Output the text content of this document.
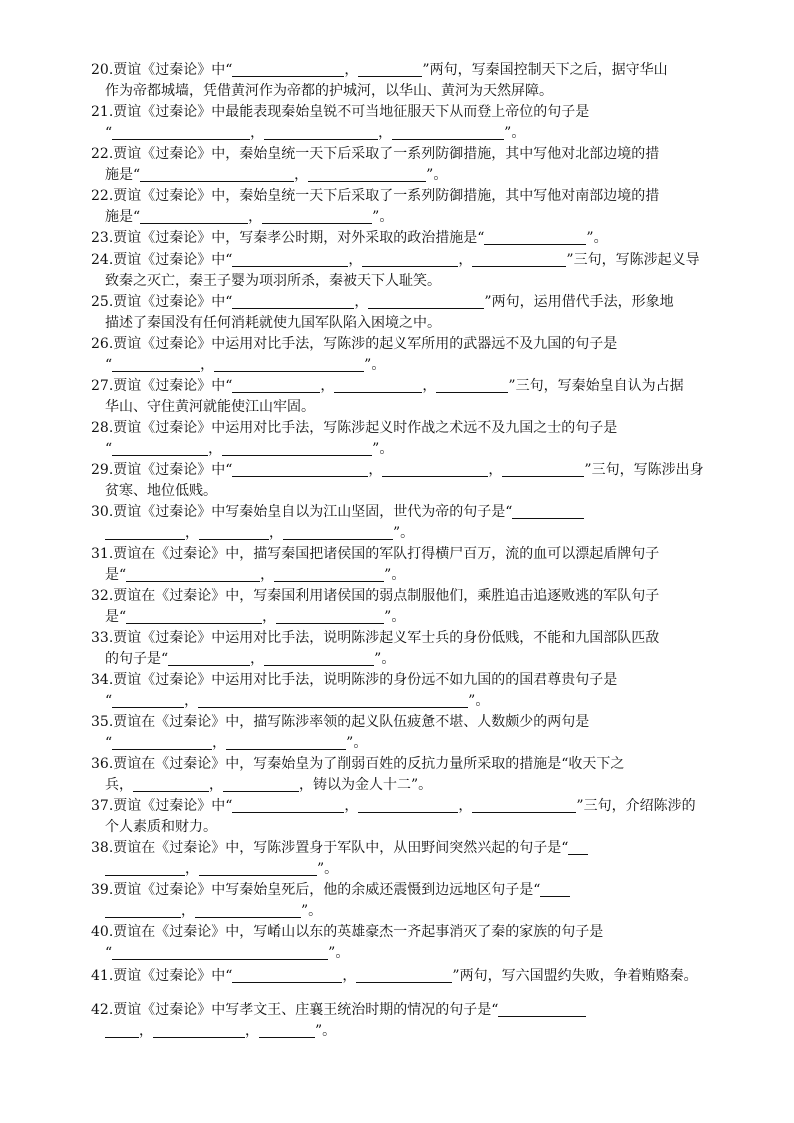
20.贾谊《过秦论》中“	，	”两句，写秦国控制天下之后，据守华山
作为帝都城墙，凭借黄河作为帝都的护城河，以华山、黄河为天然屏障。
21.贾谊《过秦论》中最能表现秦始皇锐不可当地征服天下从而登上帝位的句子是
“	，	，	”。
22.贾谊《过秦论》中，秦始皇统一天下后采取了一系列防御措施，其中写他对北部边境的措
施是“	，	”。
22.贾谊《过秦论》中，秦始皇统一天下后采取了一系列防御措施，其中写他对南部边境的措
施是“	，	”。
23.贾谊《过秦论》中，写秦孝公时期，对外采取的政治措施是“	”。
24.贾谊《过秦论》中“	，	，	”三句，写陈涉起义导
致秦之灭亡，秦王子婴为项羽所杀，秦被天下人耻笑。
25.贾谊《过秦论》中“	，	”两句，运用借代手法，形象地
描述了秦国没有任何消耗就使九国军队陷入困境之中。
26.贾谊《过秦论》中运用对比手法，写陈涉的起义军所用的武器远不及九国的句子是
“	，	”。
27.贾谊《过秦论》中“	，	，	”三句，写秦始皇自认为占据
华山、守住黄河就能使江山牢固。
28.贾谊《过秦论》中运用对比手法，写陈涉起义时作战之术远不及九国之士的句子是
“	，	”。
29.贾谊《过秦论》中“	，	，	”三句，写陈涉出身
贫寒、地位低贱。
30.贾谊《过秦论》中写秦始皇自以为江山坚固，世代为帝的句子是“
，	，	”。
31.贾谊在《过秦论》中，描写秦国把诸侯国的军队打得横尸百万，流的血可以漂起盾牌句子
是“	，	”。
32.贾谊在《过秦论》中，写秦国利用诸侯国的弱点制服他们，乘胜追击追逐败逃的军队句子
是“	，	”。
33.贾谊《过秦论》中运用对比手法，说明陈涉起义军士兵的身份低贱，不能和九国部队匹敌
的句子是“	，	”。
34.贾谊《过秦论》中运用对比手法，说明陈涉的身份远不如九国的的国君尊贵句子是
“	，	”。
35.贾谊在《过秦论》中，描写陈涉率领的起义队伍疲惫不堪、人数颇少的两句是
“	，	”。
36.贾谊在《过秦论》中，写秦始皇为了削弱百姓的反抗力量所采取的措施是“收天下之
兵，	，	，铸以为金人十二”。
37.贾谊《过秦论》中“	，	，	”三句，介绍陈涉的
个人素质和财力。
38.贾谊在《过秦论》中，写陈涉置身于军队中，从田野间突然兴起的句子是“
，	”。
39.贾谊《过秦论》中写秦始皇死后，他的余威还震慑到边远地区句子是“
，	”。
40.贾谊在《过秦论》中，写崤山以东的英雄豪杰一齐起事消灭了秦的家族的句子是
“	”。
41.贾谊《过秦论》中“	，	”两句，写六国盟约失败，争着贿赂秦。
42.贾谊《过秦论》中写孝文王、庄襄王统治时期的情况的句子是“
，	，	”。
